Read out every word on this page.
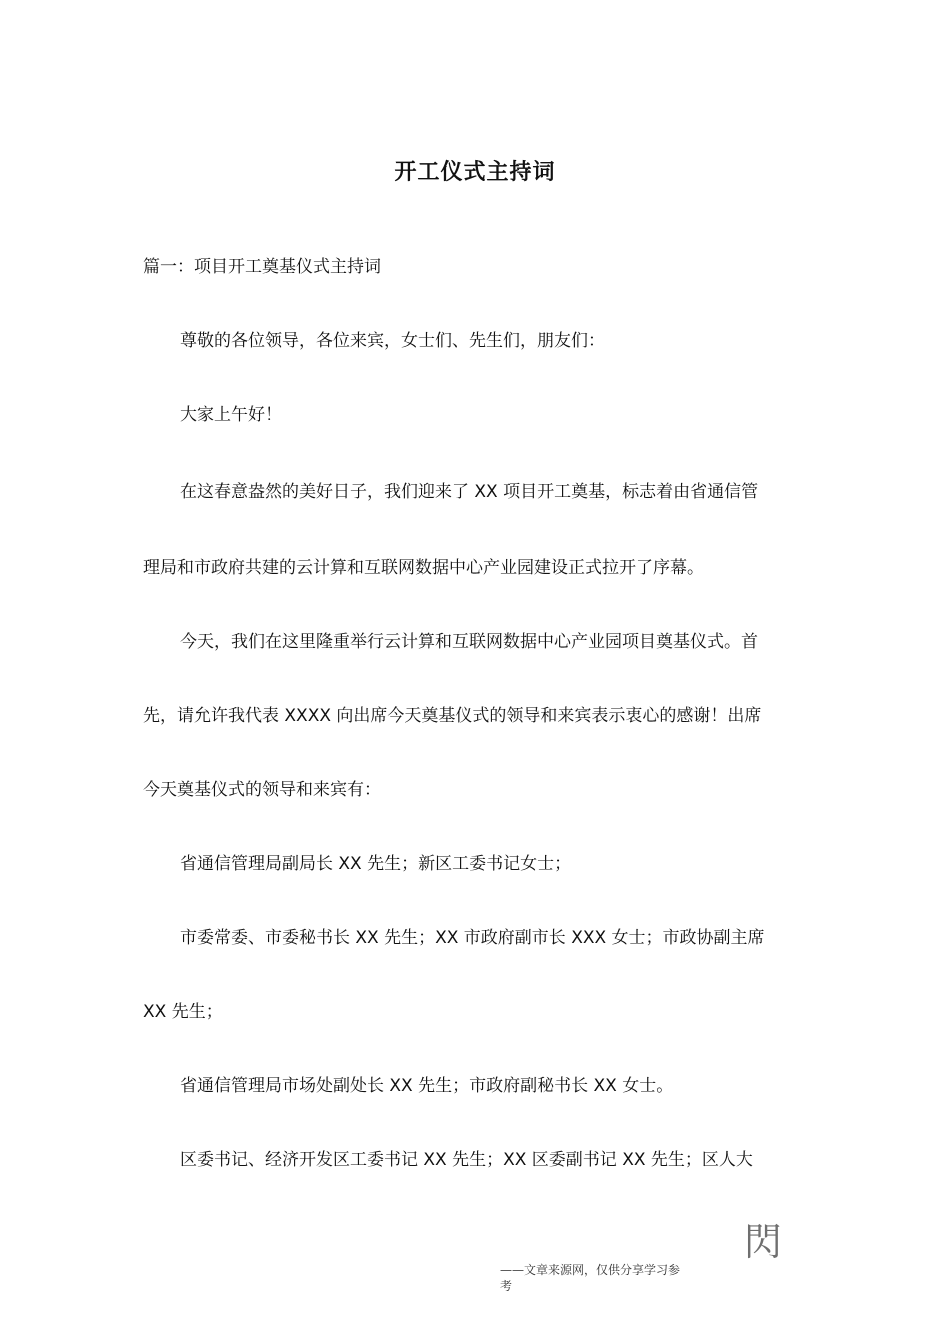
开工仪式主持词
篇一：项目开工奠基仪式主持词
尊敬的各位领导，各位来宾，女士们、先生们，朋友们：
大家上午好！
在这春意盎然的美好日子，我们迎来了 XX 项目开工奠基，标志着由省通信管
理局和市政府共建的云计算和互联网数据中心产业园建设正式拉开了序幕。
今天，我们在这里隆重举行云计算和互联网数据中心产业园项目奠基仪式。首
先，请允许我代表 XXXX 向出席今天奠基仪式的领导和来宾表示衷心的感谢！出席
今天奠基仪式的领导和来宾有：
省通信管理局副局长 XX 先生；新区工委书记女士；
市委常委、市委秘书长 XX 先生；XX 市政府副市长 XXX 女士；市政协副主席
XX 先生；
省通信管理局市场处副处长 XX 先生；市政府副秘书长 XX 女士。
区委书记、经济开发区工委书记 XX 先生；XX 区委副书记 XX 先生；区人大
閃
——文章来源网，仅供分享学习参
考
